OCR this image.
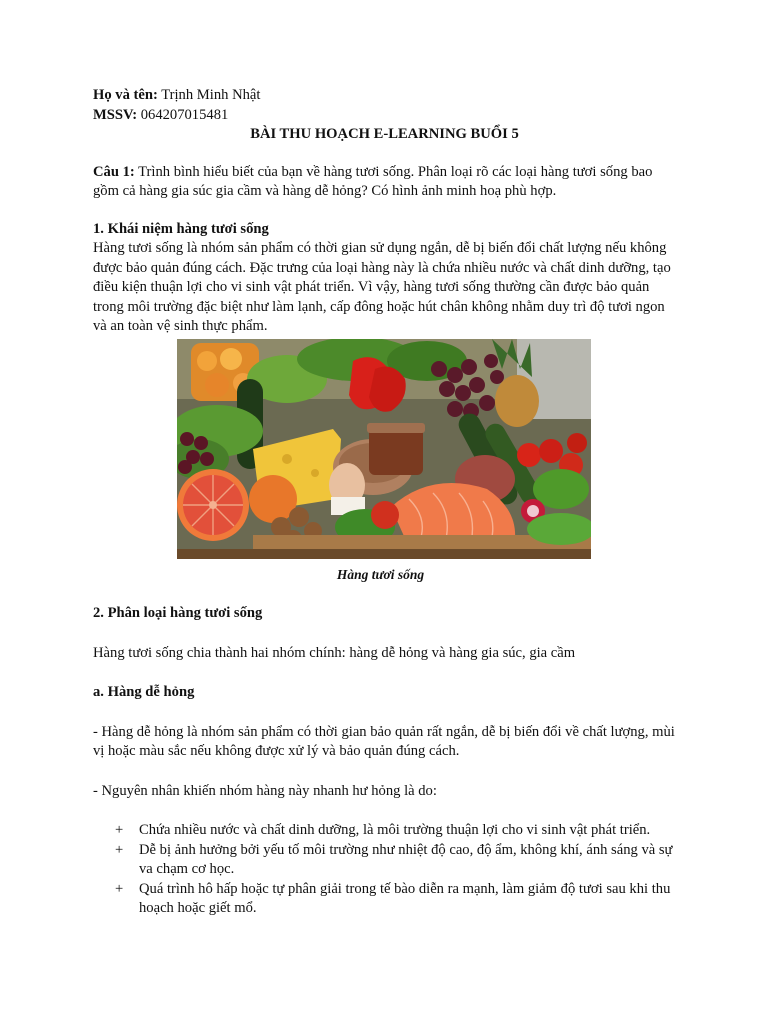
Họ và tên: Trịnh Minh Nhật

MSSV: 064207015481

BÀI THU HOẠCH E-LEARNING BUỔI 5

Câu 1: Trình bình hiểu biết của bạn về hàng tươi sống. Phân loại rõ các loại hàng tươi sống bao gồm cả hàng gia súc gia cầm và hàng dễ hỏng? Có hình ảnh minh hoạ phù hợp.

1. Khái niệm hàng tươi sống

Hàng tươi sống là nhóm sản phẩm có thời gian sử dụng ngắn, dễ bị biến đổi chất lượng nếu không được bảo quản đúng cách. Đặc trưng của loại hàng này là chứa nhiều nước và chất dinh dưỡng, tạo điều kiện thuận lợi cho vi sinh vật phát triển. Vì vậy, hàng tươi sống thường cần được bảo quản trong môi trường đặc biệt như làm lạnh, cấp đông hoặc hút chân không nhằm duy trì độ tươi ngon và an toàn vệ sinh thực phẩm.

Hàng tươi sống

2. Phân loại hàng tươi sống

Hàng tươi sống chia thành hai nhóm chính: hàng dễ hỏng và hàng gia súc, gia cầm

a. Hàng dễ hỏng

- Hàng dễ hỏng là nhóm sản phẩm có thời gian bảo quản rất ngắn, dễ bị biến đổi về chất lượng, mùi vị hoặc màu sắc nếu không được xử lý và bảo quản đúng cách.

- Nguyên nhân khiến nhóm hàng này nhanh hư hỏng là do:

+ Chứa nhiều nước và chất dinh dưỡng, là môi trường thuận lợi cho vi sinh vật phát triển.
+ Dễ bị ảnh hưởng bởi yếu tố môi trường như nhiệt độ cao, độ ẩm, không khí, ánh sáng và sự va chạm cơ học.
+ Quá trình hô hấp hoặc tự phân giải trong tế bào diễn ra mạnh, làm giảm độ tươi sau khi thu hoạch hoặc giết mổ.
